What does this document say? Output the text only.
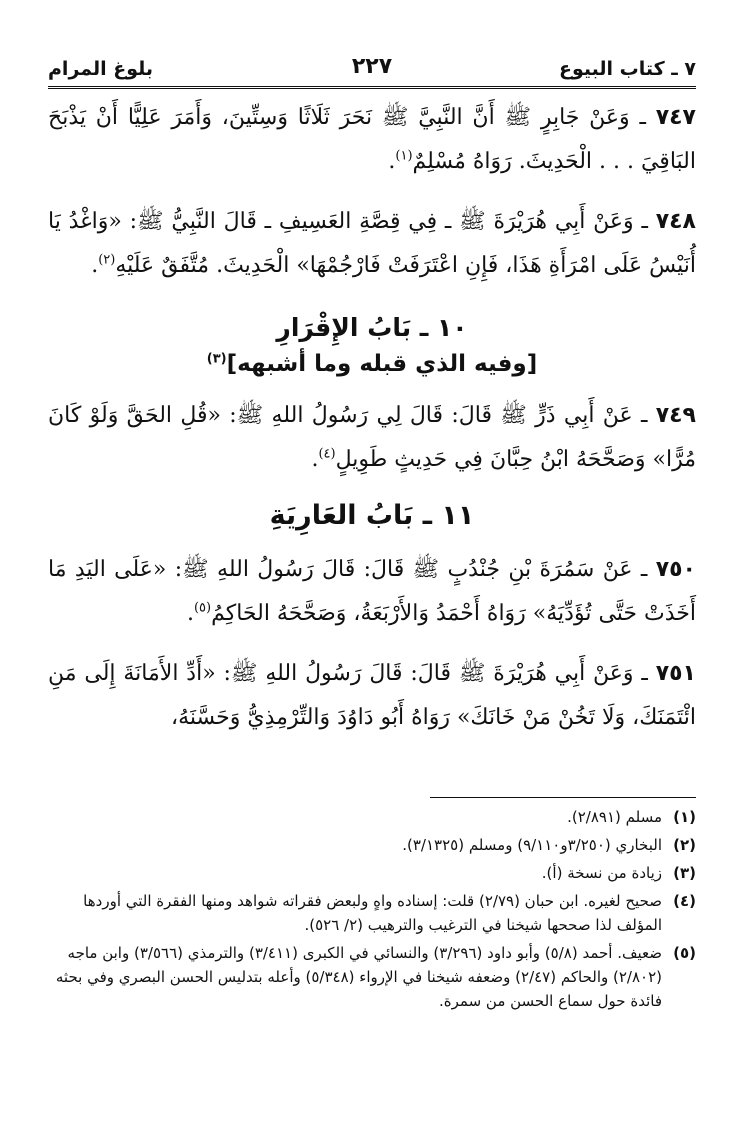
٧ ـ كتاب البيوع
٢٢٧
بلوغ المرام

٧٤٧ ـ وَعَنْ جَابِرٍ ﷺ أَنَّ النَّبِيَّ ﷺ نَحَرَ ثَلَاثًا وَسِتِّينَ، وَأَمَرَ عَلِيًّا أَنْ يَذْبَحَ البَاقِيَ . . . الْحَدِيثَ. رَوَاهُ مُسْلِمٌ$^{(١)}$.

٧٤٨ ـ وَعَنْ أَبِي هُرَيْرَةَ ﷺ ـ فِي قِصَّةِ العَسِيفِ ـ قَالَ النَّبِيُّ ﷺ: «وَاغْدُ يَا أُنَيْسُ عَلَى امْرَأَةِ هَذَا، فَإِنِ اعْتَرَفَتْ فَارْجُمْهَا» الْحَدِيثَ. مُتَّفَقٌ عَلَيْهِ$^{(٢)}$.

١٠ ـ بَابُ الإِقْرَارِ
[وفيه الذي قبله وما أشبهه]$^{(٣)}$

٧٤٩ ـ عَنْ أَبِي ذَرٍّ ﷺ قَالَ: قَالَ لِي رَسُولُ اللهِ ﷺ: «قُلِ الحَقَّ وَلَوْ كَانَ مُرًّا» وَصَحَّحَهُ ابْنُ حِبَّانَ فِي حَدِيثٍ طَوِيلٍ$^{(٤)}$.

١١ ـ بَابُ العَارِيَةِ

٧٥٠ ـ عَنْ سَمُرَةَ بْنِ جُنْدُبٍ ﷺ قَالَ: قَالَ رَسُولُ اللهِ ﷺ: «عَلَى اليَدِ مَا أَخَذَتْ حَتَّى تُؤَدِّيَهُ» رَوَاهُ أَحْمَدُ وَالأَرْبَعَةُ، وَصَحَّحَهُ الحَاكِمُ$^{(٥)}$.

٧٥١ ـ وَعَنْ أَبِي هُرَيْرَةَ ﷺ قَالَ: قَالَ رَسُولُ اللهِ ﷺ: «أَدِّ الأَمَانَةَ إِلَى مَنِ ائْتَمَنَكَ، وَلَا تَخُنْ مَنْ خَانَكَ» رَوَاهُ أَبُو دَاوُدَ وَالتِّرْمِذِيُّ وَحَسَّنَهُ،

(١)
مسلم (٢/٨٩١).
(٢)
البخاري (٣/٢٥٠و٩/١١٠) ومسلم (٣/١٣٢٥).
(٣)
زيادة من نسخة (أ).
(٤)
صحيح لغيره. ابن حبان (٢/٧٩) قلت: إسناده واهٍ ولبعض فقراته شواهد ومنها الفقرة التي أوردها المؤلف لذا صححها شيخنا في الترغيب والترهيب (٢/ ٥٢٦).
(٥)
ضعيف. أحمد (٥/٨) وأبو داود (٣/٢٩٦) والنسائي في الكبرى (٣/٤١١) والترمذي (٣/٥٦٦) وابن ماجه (٢/٨٠٢) والحاكم (٢/٤٧) وضعفه شيخنا في الإرواء (٥/٣٤٨) وأعله بتدليس الحسن البصري وفي بحثه فائدة حول سماع الحسن من سمرة.
